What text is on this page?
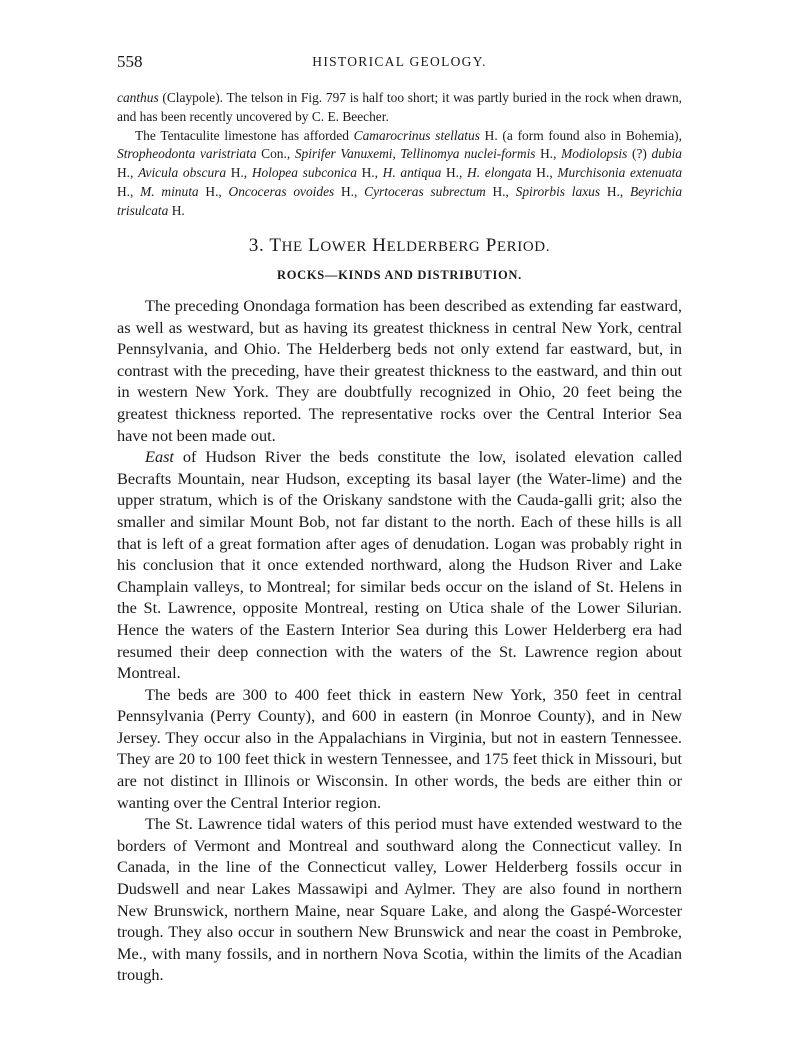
558	HISTORICAL GEOLOGY.

canthus (Claypole). The telson in Fig. 797 is half too short; it was partly buried in the rock when drawn, and has been recently uncovered by C. E. Beecher.

The Tentaculite limestone has afforded Camarocrinus stellatus H. (a form found also in Bohemia), Stropheodonta varistriata Con., Spirifer Vanuxemi, Tellinomya nuclei-formis H., Modiolopsis (?) dubia H., Avicula obscura H., Holopea subconica H., H. antiqua H., H. elongata H., Murchisonia extenuata H., M. minuta H., Oncoceras ovoides H., Cyrtoceras subrectum H., Spirorbis laxus H., Beyrichia trisulcata H.

3. THE LOWER HELDERBERG PERIOD.
ROCKS—KINDS AND DISTRIBUTION.

The preceding Onondaga formation has been described as extending far eastward, as well as westward, but as having its greatest thickness in central New York, central Pennsylvania, and Ohio. The Helderberg beds not only extend far eastward, but, in contrast with the preceding, have their greatest thickness to the eastward, and thin out in western New York. They are doubtfully recognized in Ohio, 20 feet being the greatest thickness reported. The representative rocks over the Central Interior Sea have not been made out.

East of Hudson River the beds constitute the low, isolated elevation called Becrafts Mountain, near Hudson, excepting its basal layer (the Water-lime) and the upper stratum, which is of the Oriskany sandstone with the Cauda-galli grit; also the smaller and similar Mount Bob, not far distant to the north. Each of these hills is all that is left of a great formation after ages of denudation. Logan was probably right in his conclusion that it once extended northward, along the Hudson River and Lake Champlain valleys, to Montreal; for similar beds occur on the island of St. Helens in the St. Lawrence, opposite Montreal, resting on Utica shale of the Lower Silurian. Hence the waters of the Eastern Interior Sea during this Lower Helderberg era had resumed their deep connection with the waters of the St. Lawrence region about Montreal.

The beds are 300 to 400 feet thick in eastern New York, 350 feet in central Pennsylvania (Perry County), and 600 in eastern (in Monroe County), and in New Jersey. They occur also in the Appalachians in Virginia, but not in eastern Tennessee. They are 20 to 100 feet thick in western Tennessee, and 175 feet thick in Missouri, but are not distinct in Illinois or Wisconsin. In other words, the beds are either thin or wanting over the Central Interior region.

The St. Lawrence tidal waters of this period must have extended westward to the borders of Vermont and Montreal and southward along the Connecticut valley. In Canada, in the line of the Connecticut valley, Lower Helderberg fossils occur in Dudswell and near Lakes Massawipi and Aylmer. They are also found in northern New Brunswick, northern Maine, near Square Lake, and along the Gaspé-Worcester trough. They also occur in southern New Brunswick and near the coast in Pembroke, Me., with many fossils, and in northern Nova Scotia, within the limits of the Acadian trough.
